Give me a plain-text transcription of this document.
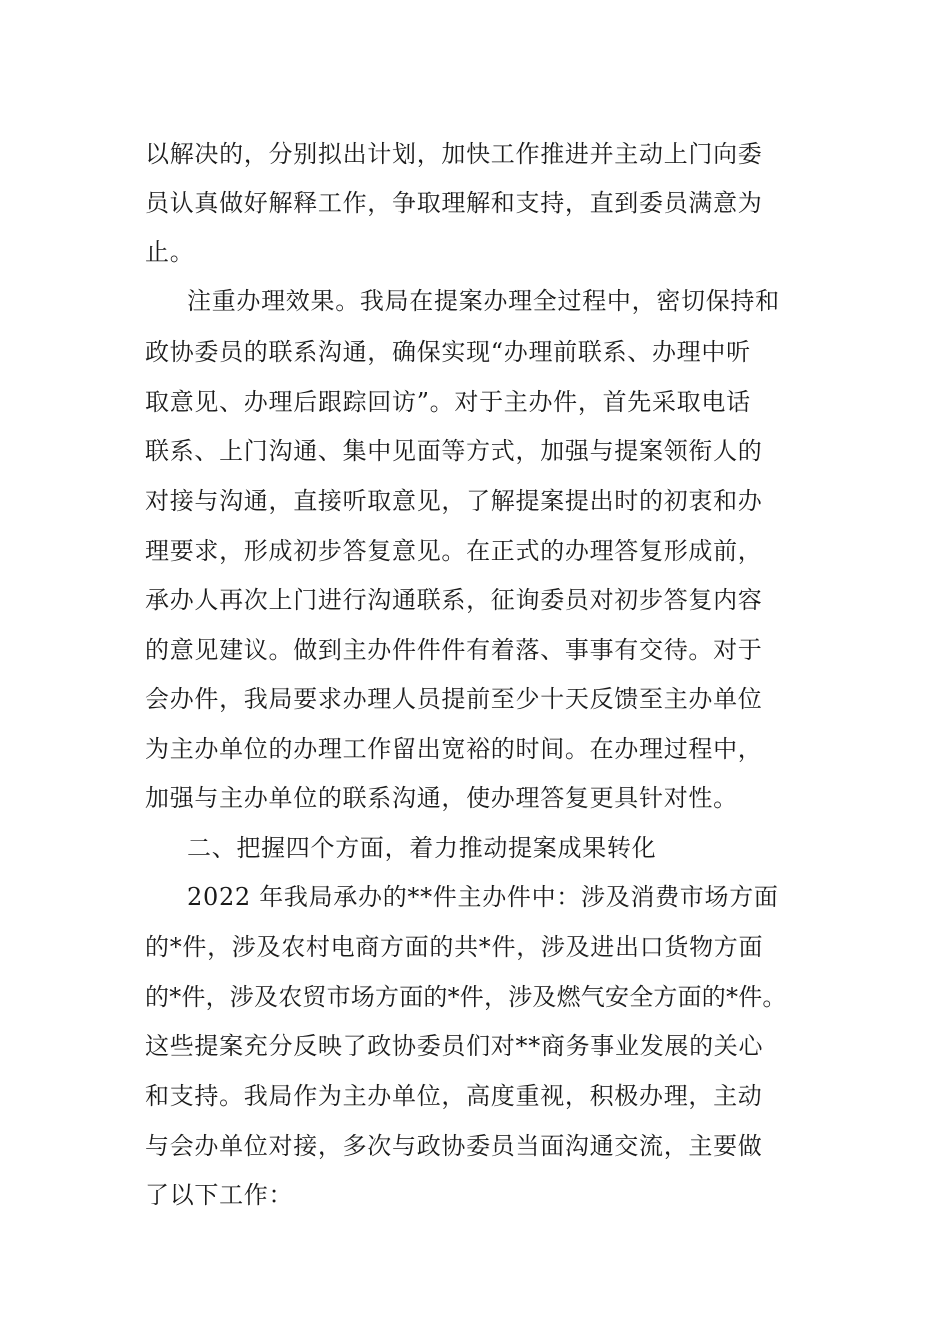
以解决的，分别拟出计划，加快工作推进并主动上门向委
员认真做好解释工作，争取理解和支持，直到委员满意为
止。
注重办理效果。我局在提案办理全过程中，密切保持和
政协委员的联系沟通，确保实现“办理前联系、办理中听
取意见、办理后跟踪回访”。对于主办件，首先采取电话
联系、上门沟通、集中见面等方式，加强与提案领衔人的
对接与沟通，直接听取意见，了解提案提出时的初衷和办
理要求，形成初步答复意见。在正式的办理答复形成前，
承办人再次上门进行沟通联系，征询委员对初步答复内容
的意见建议。做到主办件件件有着落、事事有交待。对于
会办件，我局要求办理人员提前至少十天反馈至主办单位
为主办单位的办理工作留出宽裕的时间。在办理过程中，
加强与主办单位的联系沟通，使办理答复更具针对性。
二、把握四个方面，着力推动提案成果转化
2022 年我局承办的**件主办件中：涉及消费市场方面
的*件，涉及农村电商方面的共*件，涉及进出口货物方面
的*件，涉及农贸市场方面的*件，涉及燃气安全方面的*件。
这些提案充分反映了政协委员们对**商务事业发展的关心
和支持。我局作为主办单位，高度重视，积极办理，主动
与会办单位对接，多次与政协委员当面沟通交流，主要做
了以下工作：
